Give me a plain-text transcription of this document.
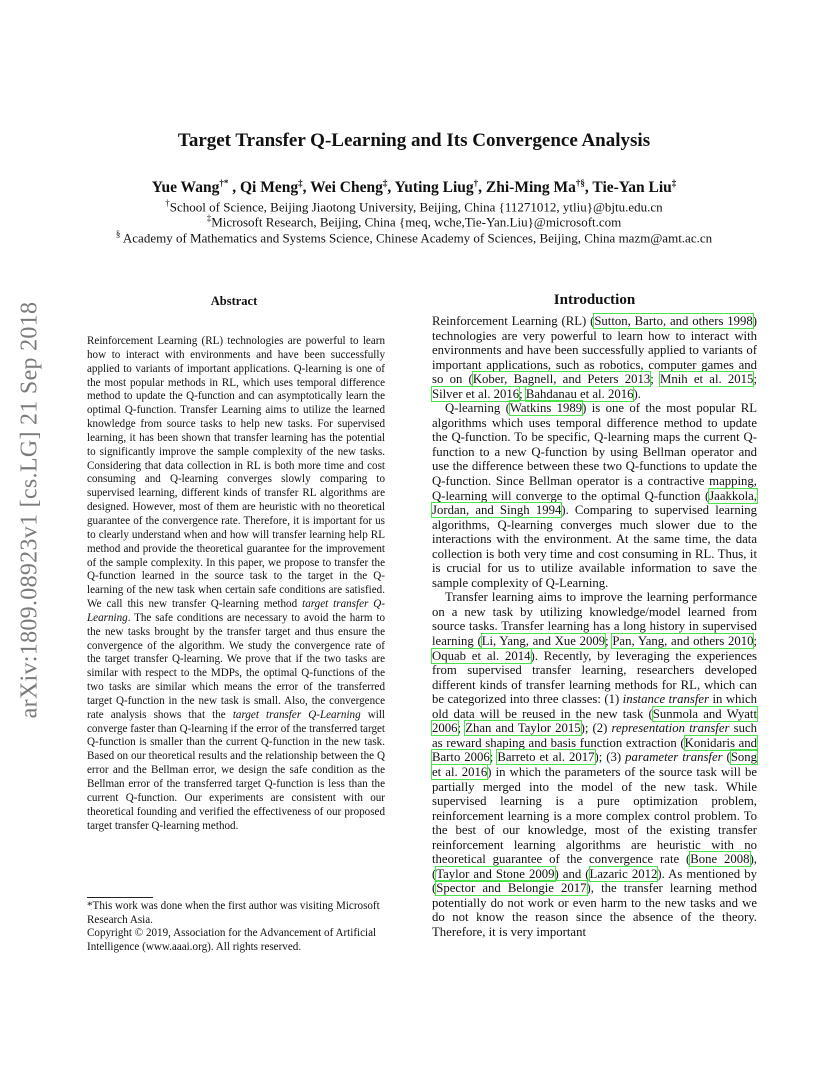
arXiv:1809.08923v1 [cs.LG] 21 Sep 2018
Target Transfer Q-Learning and Its Convergence Analysis
Yue Wang†* , Qi Meng‡, Wei Cheng‡, Yuting Liug†, Zhi-Ming Ma†§, Tie-Yan Liu‡
†School of Science, Beijing Jiaotong University, Beijing, China {11271012, ytliu}@bjtu.edu.cn
‡Microsoft Research, Beijing, China {meq, wche,Tie-Yan.Liu}@microsoft.com
§ Academy of Mathematics and Systems Science, Chinese Academy of Sciences, Beijing, China mazm@amt.ac.cn
Abstract
Reinforcement Learning (RL) technologies are powerful to learn how to interact with environments and have been successfully applied to variants of important applications. Q-learning is one of the most popular methods in RL, which uses temporal difference method to update the Q-function and can asymptotically learn the optimal Q-function. Transfer Learning aims to utilize the learned knowledge from source tasks to help new tasks. For supervised learning, it has been shown that transfer learning has the potential to significantly improve the sample complexity of the new tasks. Considering that data collection in RL is both more time and cost consuming and Q-learning converges slowly comparing to supervised learning, different kinds of transfer RL algorithms are designed. However, most of them are heuristic with no theoretical guarantee of the convergence rate. Therefore, it is important for us to clearly understand when and how will transfer learning help RL method and provide the theoretical guarantee for the improvement of the sample complexity. In this paper, we propose to transfer the Q-function learned in the source task to the target in the Q-learning of the new task when certain safe conditions are satisfied. We call this new transfer Q-learning method target transfer Q-Learning. The safe conditions are necessary to avoid the harm to the new tasks brought by the transfer target and thus ensure the convergence of the algorithm. We study the convergence rate of the target transfer Q-learning. We prove that if the two tasks are similar with respect to the MDPs, the optimal Q-functions of the two tasks are similar which means the error of the transferred target Q-function in the new task is small. Also, the convergence rate analysis shows that the target transfer Q-Learning will converge faster than Q-learning if the error of the transferred target Q-function is smaller than the current Q-function in the new task. Based on our theoretical results and the relationship between the Q error and the Bellman error, we design the safe condition as the Bellman error of the transferred target Q-function is less than the current Q-function. Our experiments are consistent with our theoretical founding and verified the effectiveness of our proposed target transfer Q-learning method.
*This work was done when the first author was visiting Microsoft Research Asia.
Copyright © 2019, Association for the Advancement of Artificial Intelligence (www.aaai.org). All rights reserved.
Introduction

Reinforcement Learning (RL) (Sutton, Barto, and others 1998) technologies are very powerful to learn how to interact with environments and have been successfully applied to variants of important applications, such as robotics, computer games and so on (Kober, Bagnell, and Peters 2013; Mnih et al. 2015; Silver et al. 2016; Bahdanau et al. 2016).

Q-learning (Watkins 1989) is one of the most popular RL algorithms which uses temporal difference method to update the Q-function. To be specific, Q-learning maps the current Q-function to a new Q-function by using Bellman operator and use the difference between these two Q-functions to update the Q-function. Since Bellman operator is a contractive mapping, Q-learning will converge to the optimal Q-function (Jaakkola, Jordan, and Singh 1994). Comparing to supervised learning algorithms, Q-learning converges much slower due to the interactions with the environment. At the same time, the data collection is both very time and cost consuming in RL. Thus, it is crucial for us to utilize available information to save the sample complexity of Q-Learning.

Transfer learning aims to improve the learning performance on a new task by utilizing knowledge/model learned from source tasks. Transfer learning has a long history in supervised learning (Li, Yang, and Xue 2009; Pan, Yang, and others 2010; Oquab et al. 2014). Recently, by leveraging the experiences from supervised transfer learning, researchers developed different kinds of transfer learning methods for RL, which can be categorized into three classes: (1) instance transfer in which old data will be reused in the new task (Sunmola and Wyatt 2006; Zhan and Taylor 2015); (2) representation transfer such as reward shaping and basis function extraction (Konidaris and Barto 2006; Barreto et al. 2017); (3) parameter transfer (Song et al. 2016) in which the parameters of the source task will be partially merged into the model of the new task. While supervised learning is a pure optimization problem, reinforcement learning is a more complex control problem. To the best of our knowledge, most of the existing transfer reinforcement learning algorithms are heuristic with no theoretical guarantee of the convergence rate (Bone 2008), (Taylor and Stone 2009) and (Lazaric 2012). As mentioned by (Spector and Belongie 2017), the transfer learning method potentially do not work or even harm to the new tasks and we do not know the reason since the absence of the theory. Therefore, it is very important
